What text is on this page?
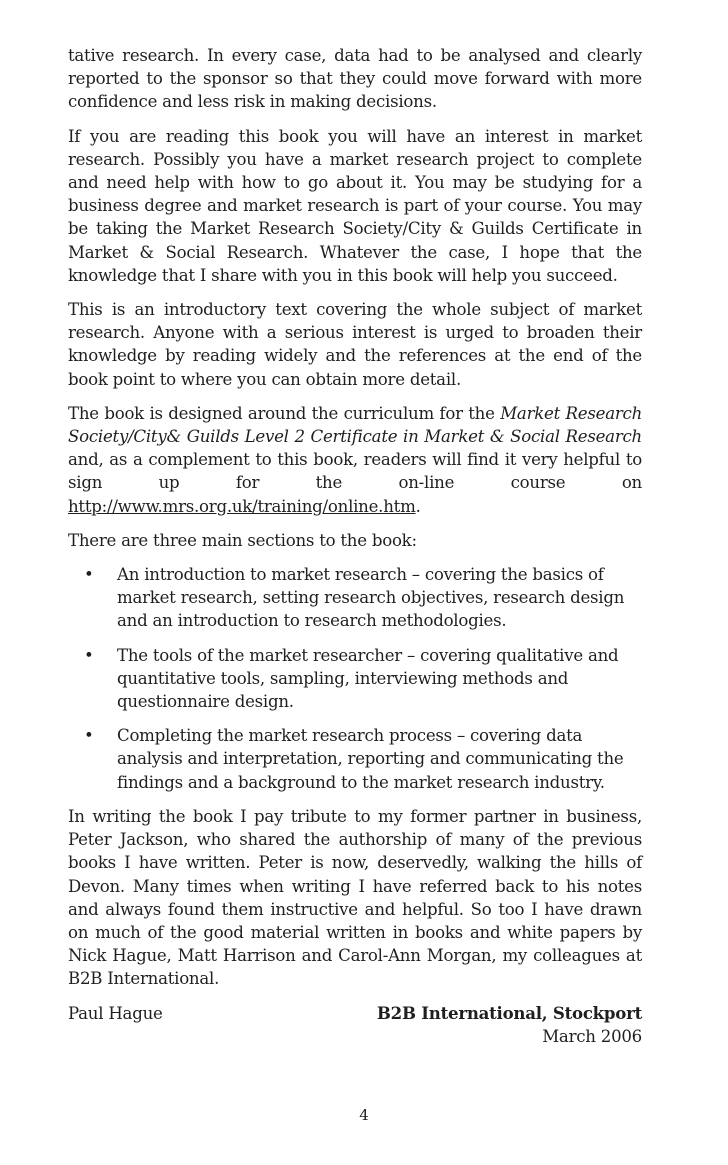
tative research. In every case, data had to be analysed and clearly reported to the sponsor so that they could move forward with more confidence and less risk in making decisions.

If you are reading this book you will have an interest in market research. Possibly you have a market research project to complete and need help with how to go about it. You may be studying for a business degree and market research is part of your course. You may be taking the Market Research Society/City & Guilds Certificate in Market & Social Research. Whatever the case, I hope that the knowledge that I share with you in this book will help you succeed.

This is an introductory text covering the whole subject of market research. Anyone with a serious interest is urged to broaden their knowledge by reading widely and the references at the end of the book point to where you can obtain more detail.

The book is designed around the curriculum for the Market Research Society/City& Guilds Level 2 Certificate in Market & Social Research and, as a complement to this book, readers will find it very helpful to sign up for the on-line course on http://www.mrs.org.uk/training/online.htm.

There are three main sections to the book:

• An introduction to market research – covering the basics of market research, setting research objectives, research design and an introduction to research methodologies.
• The tools of the market researcher – covering qualitative and quantitative tools, sampling, interviewing methods and questionnaire design.
• Completing the market research process – covering data analysis and interpretation, reporting and communicating the findings and a background to the market research industry.

In writing the book I pay tribute to my former partner in business, Peter Jackson, who shared the authorship of many of the previous books I have written. Peter is now, deservedly, walking the hills of Devon. Many times when writing I have referred back to his notes and always found them instructive and helpful. So too I have drawn on much of the good material written in books and white papers by Nick Hague, Matt Harrison and Carol-Ann Morgan, my colleagues at B2B International.

Paul Hague	B2B International, Stockport
March 2006
4
